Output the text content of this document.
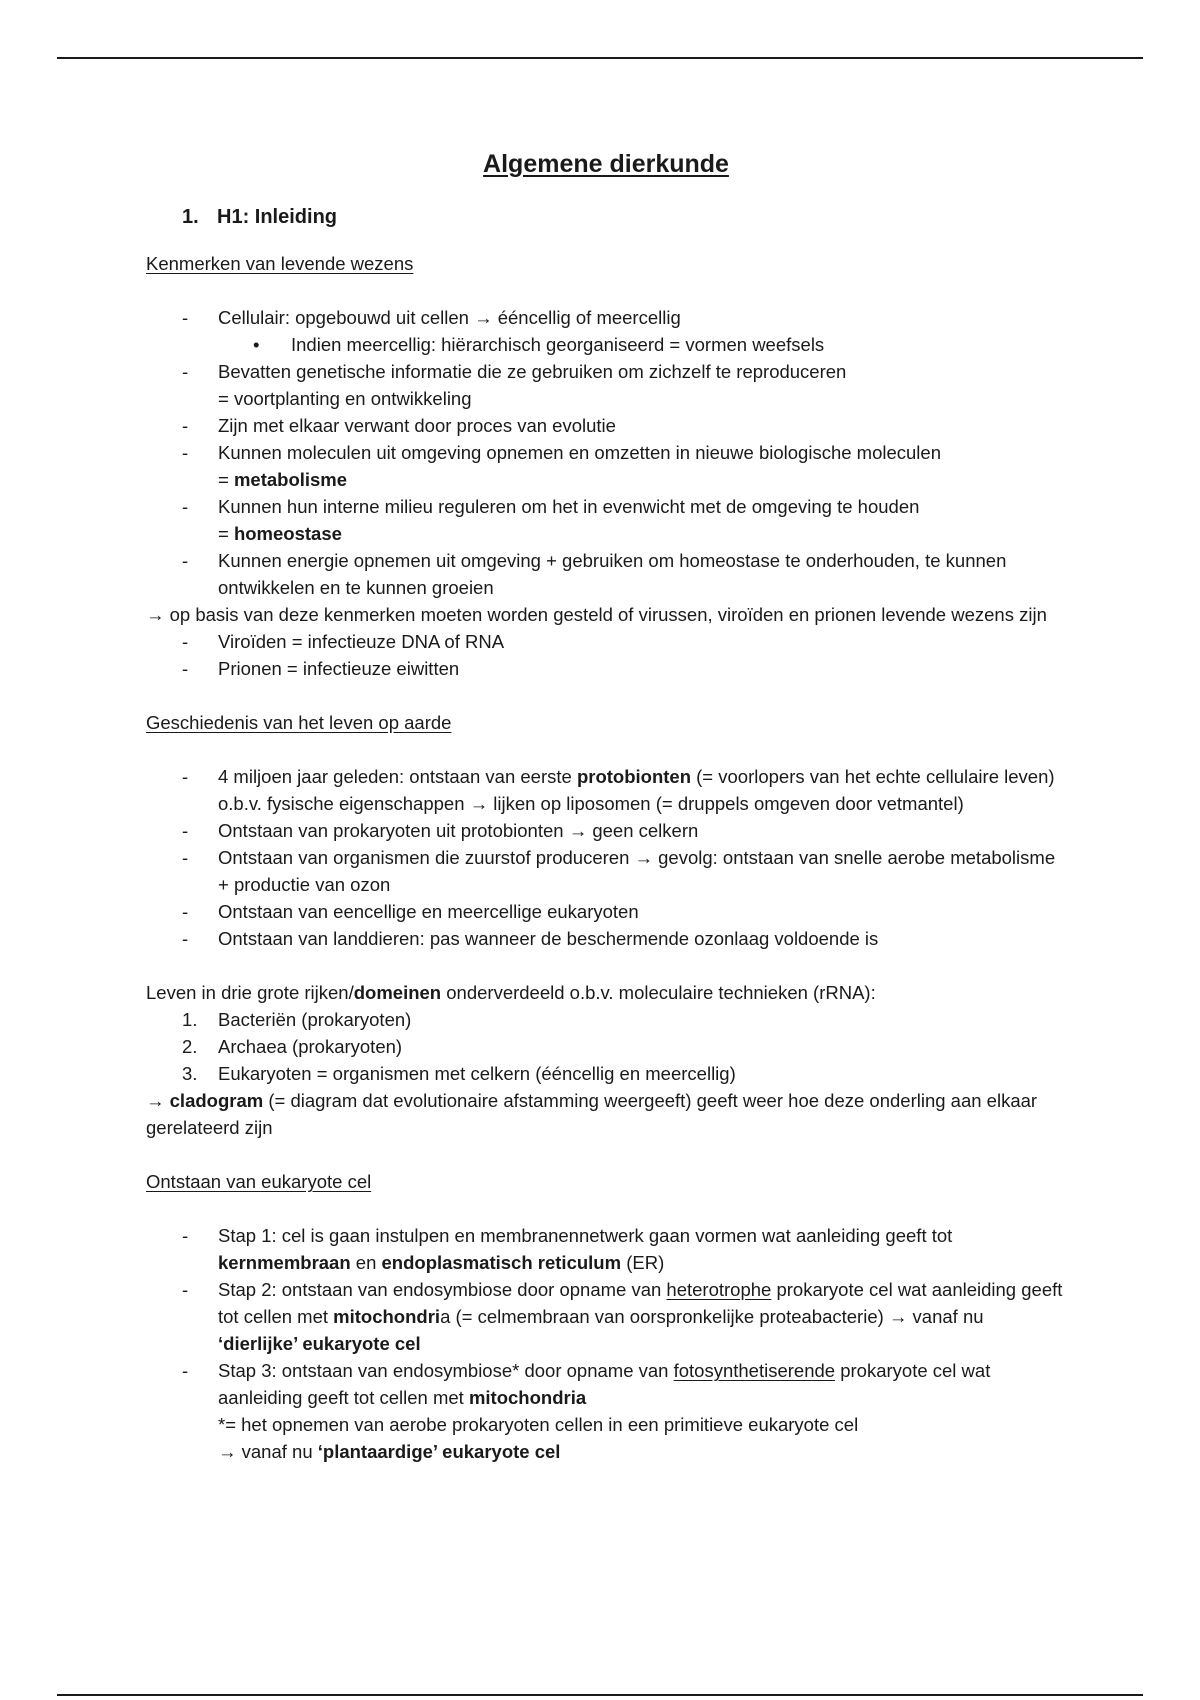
Algemene dierkunde
1. H1: Inleiding

Kenmerken van levende wezens

- Cellulair: opgebouwd uit cellen → ééncellig of meercellig
• Indien meercellig: hiërarchisch georganiseerd = vormen weefsels
- Bevatten genetische informatie die ze gebruiken om zichzelf te reproduceren
= voortplanting en ontwikkeling
- Zijn met elkaar verwant door proces van evolutie
- Kunnen moleculen uit omgeving opnemen en omzetten in nieuwe biologische moleculen
= metabolisme
- Kunnen hun interne milieu reguleren om het in evenwicht met de omgeving te houden
= homeostase
- Kunnen energie opnemen uit omgeving + gebruiken om homeostase te onderhouden, te kunnen ontwikkelen en te kunnen groeien

→ op basis van deze kenmerken moeten worden gesteld of virussen, viroïden en prionen levende wezens zijn

- Viroïden = infectieuze DNA of RNA
- Prionen = infectieuze eiwitten

Geschiedenis van het leven op aarde

- 4 miljoen jaar geleden: ontstaan van eerste protobionten (= voorlopers van het echte cellulaire leven) o.b.v. fysische eigenschappen → lijken op liposomen (= druppels omgeven door vetmantel)
- Ontstaan van prokaryoten uit protobionten → geen celkern
- Ontstaan van organismen die zuurstof produceren → gevolg: ontstaan van snelle aerobe metabolisme + productie van ozon
- Ontstaan van eencellige en meercellige eukaryoten
- Ontstaan van landdieren: pas wanneer de beschermende ozonlaag voldoende is

Leven in drie grote rijken/domeinen onderverdeeld o.b.v. moleculaire technieken (rRNA):

1. Bacteriën (prokaryoten)
2. Archaea (prokaryoten)
3. Eukaryoten = organismen met celkern (ééncellig en meercellig)

→ cladogram (= diagram dat evolutionaire afstamming weergeeft) geeft weer hoe deze onderling aan elkaar gerelateerd zijn

Ontstaan van eukaryote cel

- Stap 1: cel is gaan instulpen en membranennetwerk gaan vormen wat aanleiding geeft tot kernmembraan en endoplasmatisch reticulum (ER)
- Stap 2: ontstaan van endosymbiose door opname van heterotrophe prokaryote cel wat aanleiding geeft tot cellen met mitochondria (= celmembraan van oorspronkelijke proteabacterie) → vanaf nu ‘dierlijke’ eukaryote cel
- Stap 3: ontstaan van endosymbiose* door opname van fotosynthetiserende prokaryote cel wat aanleiding geeft tot cellen met mitochondria
*= het opnemen van aerobe prokaryoten cellen in een primitieve eukaryote cel
→ vanaf nu ‘plantaardige’ eukaryote cel
